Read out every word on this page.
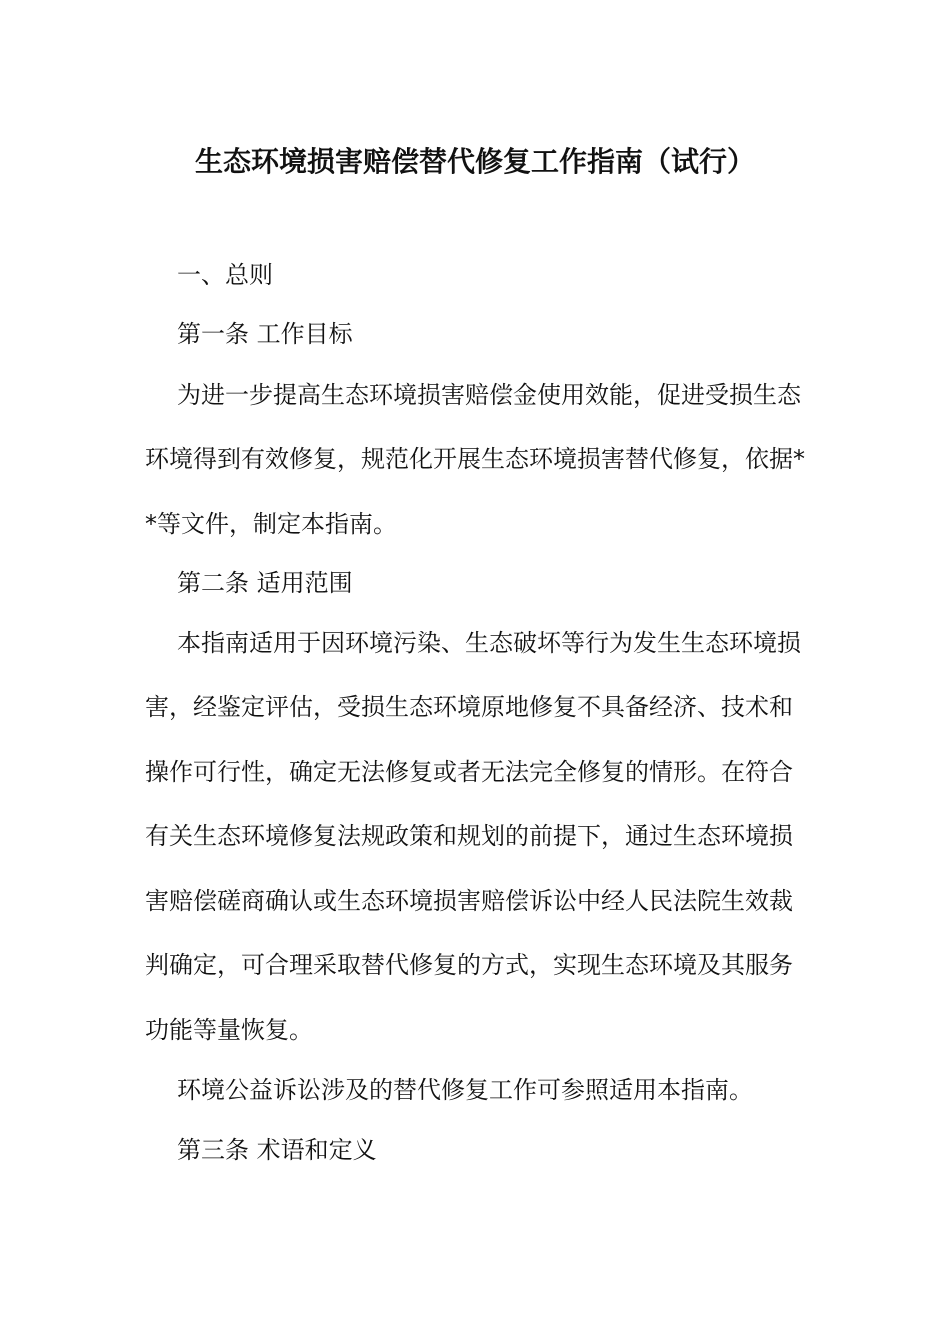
生态环境损害赔偿替代修复工作指南（试行）
一、总则
第一条 工作目标
为进一步提高生态环境损害赔偿金使用效能，促进受损生态
环境得到有效修复，规范化开展生态环境损害替代修复，依据*
*等文件，制定本指南。
第二条 适用范围
本指南适用于因环境污染、生态破坏等行为发生生态环境损
害，经鉴定评估，受损生态环境原地修复不具备经济、技术和
操作可行性，确定无法修复或者无法完全修复的情形。在符合
有关生态环境修复法规政策和规划的前提下，通过生态环境损
害赔偿磋商确认或生态环境损害赔偿诉讼中经人民法院生效裁
判确定，可合理采取替代修复的方式，实现生态环境及其服务
功能等量恢复。
环境公益诉讼涉及的替代修复工作可参照适用本指南。
第三条 术语和定义
